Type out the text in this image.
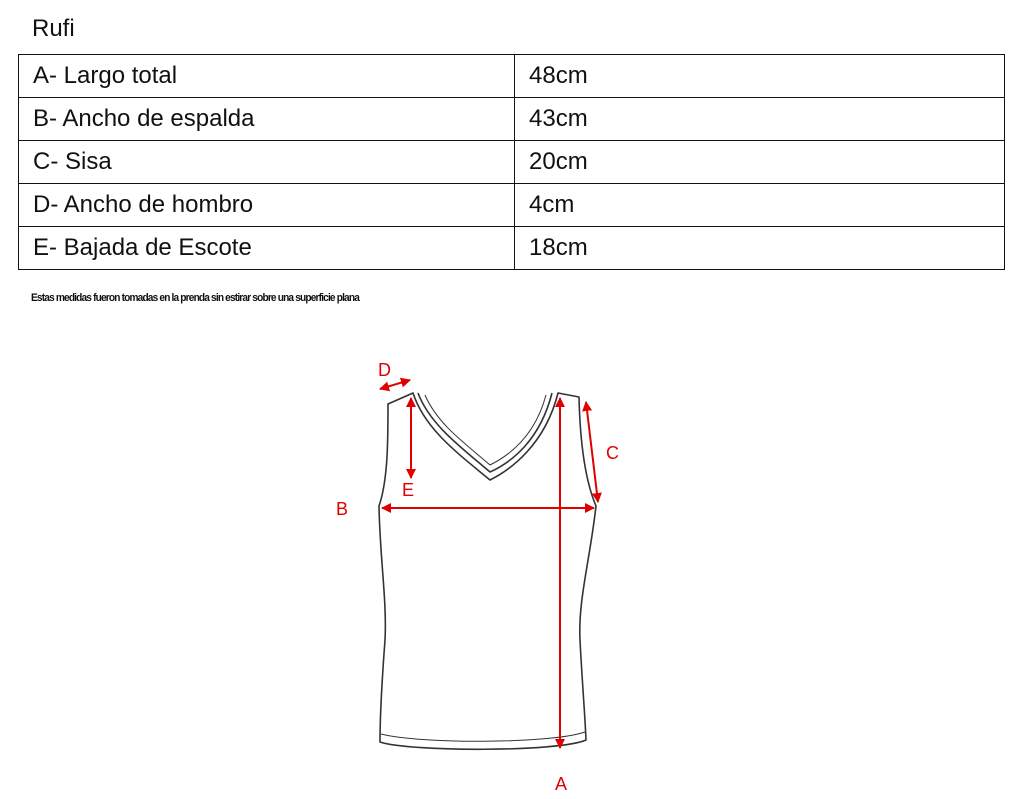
Rufi
A- Largo total	48cm
B- Ancho de espalda	43cm
C- Sisa	20cm
D- Ancho de hombro	4cm
E- Bajada de Escote	18cm
Estas medidas fueron tomadas en la prenda sin estirar sobre una superficie plana
A
B
C
D
E
